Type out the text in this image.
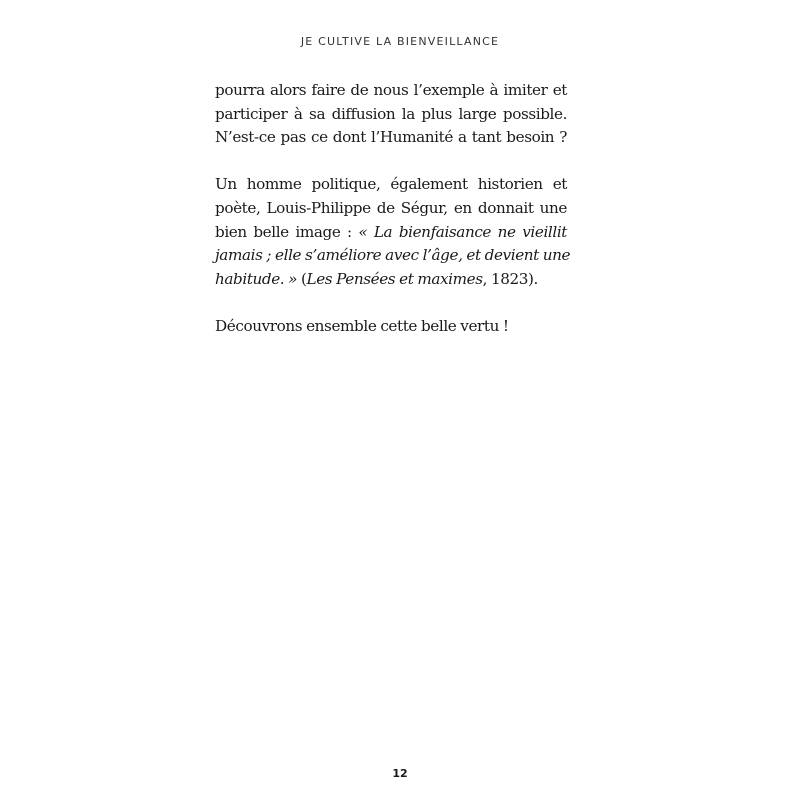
JE CULTIVE LA BIENVEILLANCE

pourra alors faire de nous l’exemple à imiter et
participer à sa diffusion la plus large possible.
N’est-ce pas ce dont l’Humanité a tant besoin ?

Un homme politique, également historien et
poète, Louis-Philippe de Ségur, en donnait une
bien belle image : « La bienfaisance ne vieillit
jamais ; elle s’améliore avec l’âge, et devient une
habitude. » (Les Pensées et maximes, 1823).

Découvrons ensemble cette belle vertu !

12
